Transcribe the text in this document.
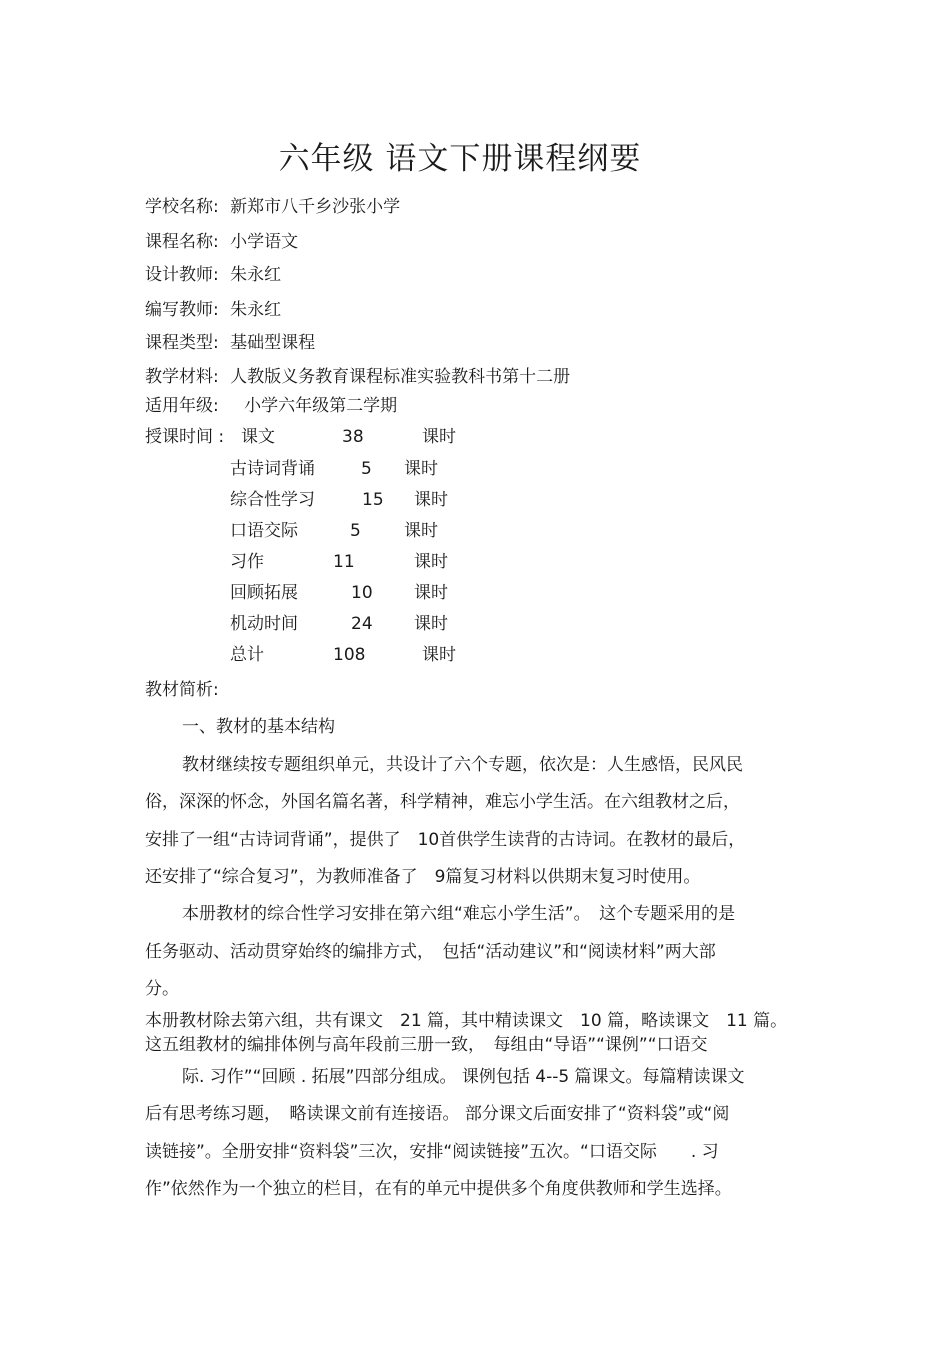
六年级 语文下册课程纲要
学校名称: 新郑市八千乡沙张小学
课程名称: 小学语文
设计教师: 朱永红
编写教师: 朱永红
课程类型: 基础型课程
教学材料: 人教版义务教育课程标准实验教科书第十二册
适用年级: 小学六年级第二学期
授课时间 : 课文	38	课时
古诗词背诵	5 课时
综合性学习	15 课时
口语交际	5	课时
习作	11	课时
回顾拓展	10 课时
机动时间	24 课时
总计	108	课时
教材简析:
一、教材的基本结构
教材继续按专题组织单元，共设计了六个专题，依次是：人生感悟，民风民
俗，深深的怀念，外国名篇名著，科学精神，难忘小学生活。在六组教材之后，
安排了一组“古诗词背诵”，提供了　10首供学生读背的古诗词。在教材的最后，
还安排了“综合复习”，为教师准备了　9篇复习材料以供期末复习时使用。
本册教材的综合性学习安排在第六组“难忘小学生活”。　这个专题采用的是
任务驱动、活动贯穿始终的编排方式，　包括“活动建议”和“阅读材料”两大部
分。
本册教材除去第六组，共有课文　21 篇，其中精读课文　10 篇，略读课文　11 篇。
这五组教材的编排体例与高年段前三册一致，　每组由“导语”“课例”“口语交
际. 习作”“回顾 . 拓展”四部分组成。 课例包括 4--5 篇课文。每篇精读课文
后有思考练习题，　略读课文前有连接语。 部分课文后面安排了“资料袋”或“阅
读链接”。全册安排“资料袋”三次，安排“阅读链接”五次。“口语交际　　. 习
作”依然作为一个独立的栏目，在有的单元中提供多个角度供教师和学生选择。
